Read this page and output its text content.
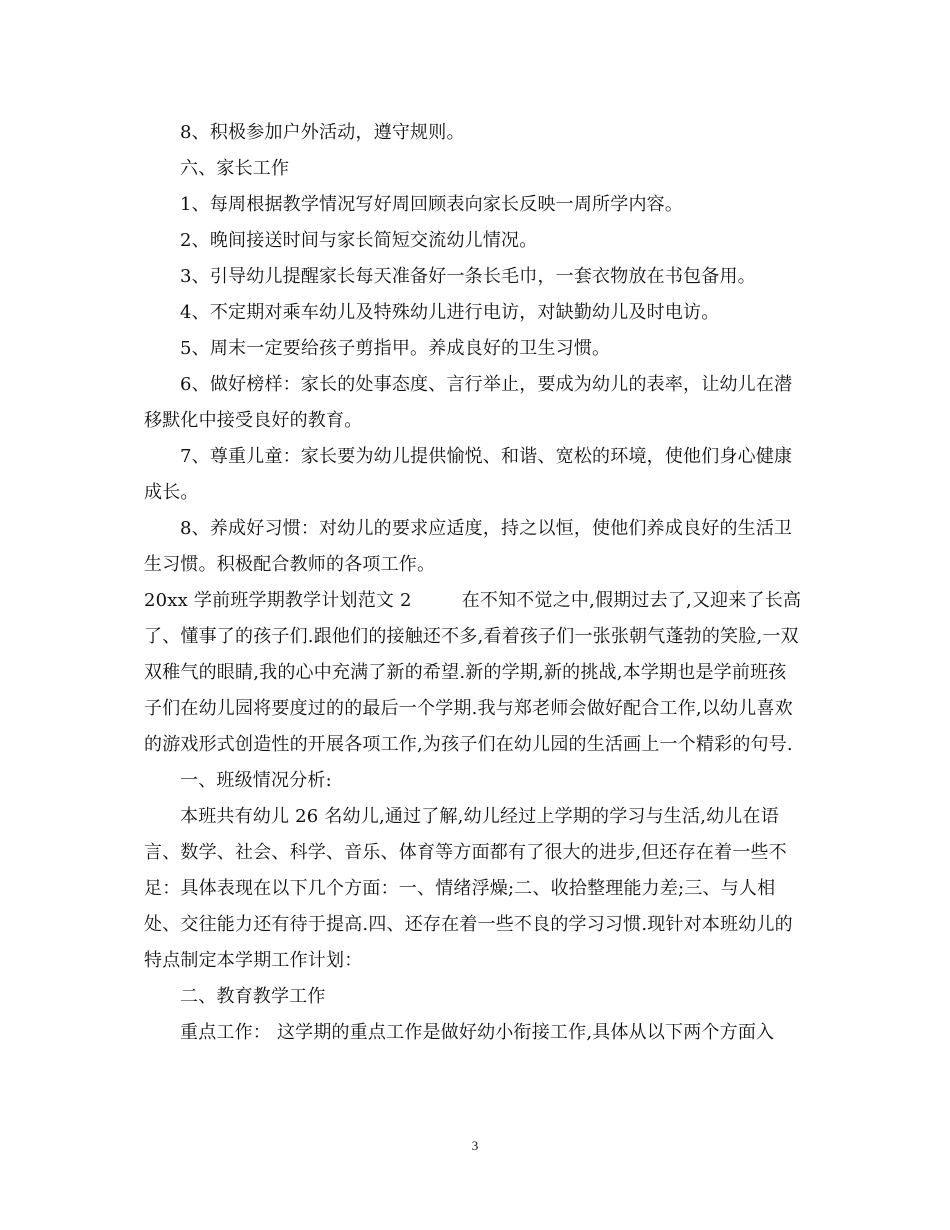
8、积极参加户外活动，遵守规则。

六、家长工作

1、每周根据教学情况写好周回顾表向家长反映一周所学内容。

2、晚间接送时间与家长简短交流幼儿情况。

3、引导幼儿提醒家长每天准备好一条长毛巾，一套衣物放在书包备用。

4、不定期对乘车幼儿及特殊幼儿进行电访，对缺勤幼儿及时电访。

5、周末一定要给孩子剪指甲。养成良好的卫生习惯。

6、做好榜样：家长的处事态度、言行举止，要成为幼儿的表率，让幼儿在潜移默化中接受良好的教育。

7、尊重儿童：家长要为幼儿提供愉悦、和谐、宽松的环境，使他们身心健康成长。

8、养成好习惯：对幼儿的要求应适度，持之以恒，使他们养成良好的生活卫生习惯。积极配合教师的各项工作。

20xx 学前班学期教学计划范文 2	在不知不觉之中,假期过去了,又迎来了长高了、懂事了的孩子们.跟他们的接触还不多,看着孩子们一张张朝气蓬勃的笑脸,一双双稚气的眼睛,我的心中充满了新的希望.新的学期,新的挑战,本学期也是学前班孩子们在幼儿园将要度过的的最后一个学期.我与郑老师会做好配合工作,以幼儿喜欢的游戏形式创造性的开展各项工作,为孩子们在幼儿园的生活画上一个精彩的句号.

一、班级情况分析:

本班共有幼儿 26 名幼儿,通过了解,幼儿经过上学期的学习与生活,幼儿在语言、数学、社会、科学、音乐、体育等方面都有了很大的进步,但还存在着一些不足：具体表现在以下几个方面：一、情绪浮燥;二、收拾整理能力差;三、与人相处、交往能力还有待于提高.四、还存在着一些不良的学习习惯.现针对本班幼儿的特点制定本学期工作计划：

二、教育教学工作

重点工作： 这学期的重点工作是做好幼小衔接工作,具体从以下两个方面入

3
